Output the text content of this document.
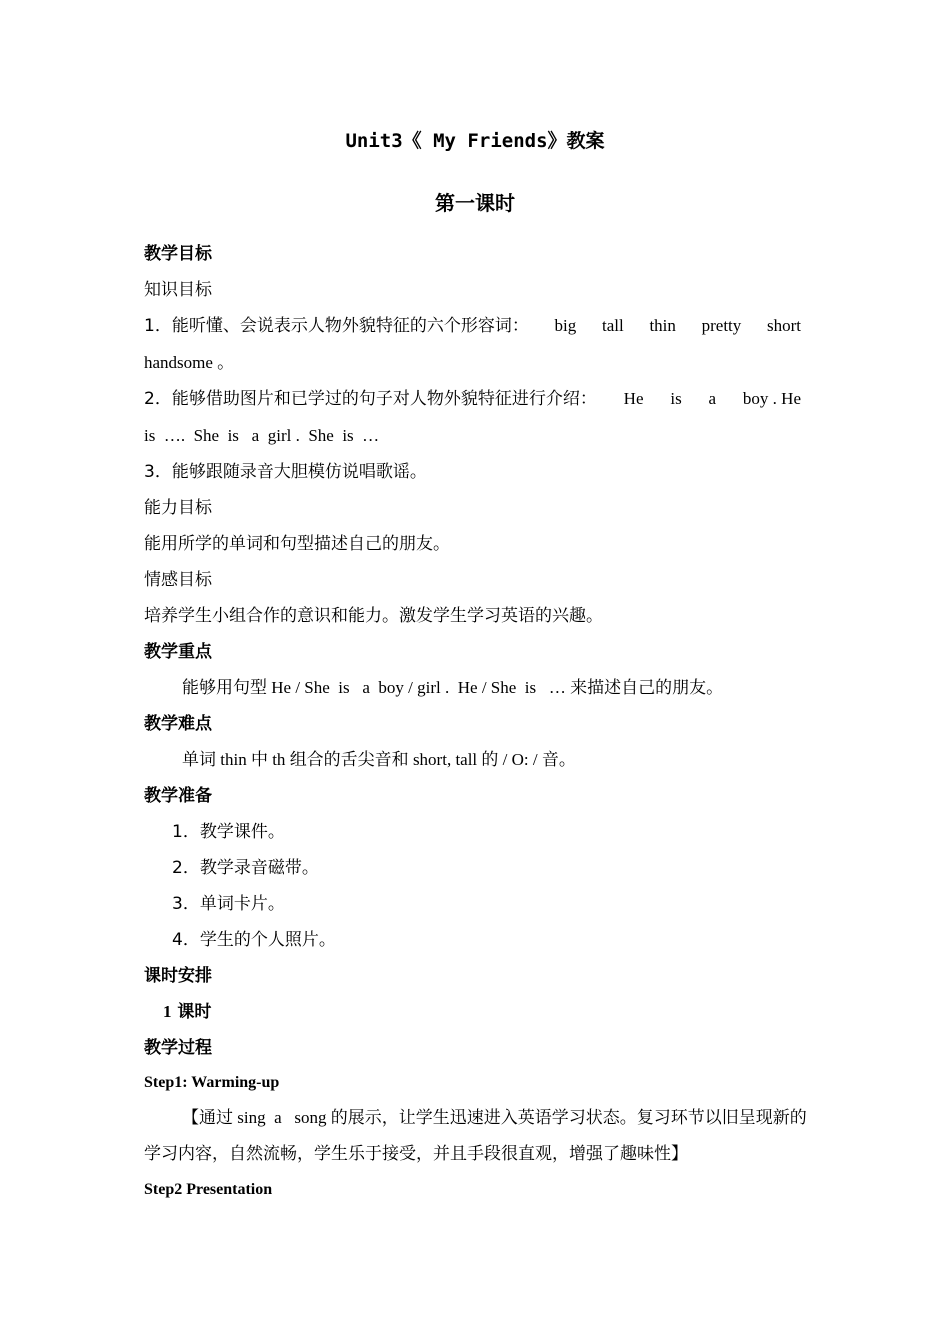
Unit3《 My Friends》教案
第一课时
教学目标
知识目标
1．能听懂、会说表示人物外貌特征的六个形容词： big tall thin pretty short
handsome 。
2．能够借助图片和已学过的句子对人物外貌特征进行介绍： He is a boy . He
is  ….  She  is   a  girl .  She  is  …
3．能够跟随录音大胆模仿说唱歌谣。
能力目标
能用所学的单词和句型描述自己的朋友。
情感目标
培养学生小组合作的意识和能力。激发学生学习英语的兴趣。
教学重点
能够用句型 He / She  is   a  boy / girl .  He / She  is   … 来描述自己的朋友。
教学难点
单词 thin 中 th 组合的舌尖音和 short, tall 的 / O: / 音。
教学准备
1．教学课件。
2．教学录音磁带。
3．单词卡片。
4．学生的个人照片。
课时安排
1 课时
教学过程
Step1: Warming-up
【通过 sing  a   song 的展示，让学生迅速进入英语学习状态。复习环节以旧呈现新的
学习内容，自然流畅，学生乐于接受，并且手段很直观，增强了趣味性】
Step2 Presentation
